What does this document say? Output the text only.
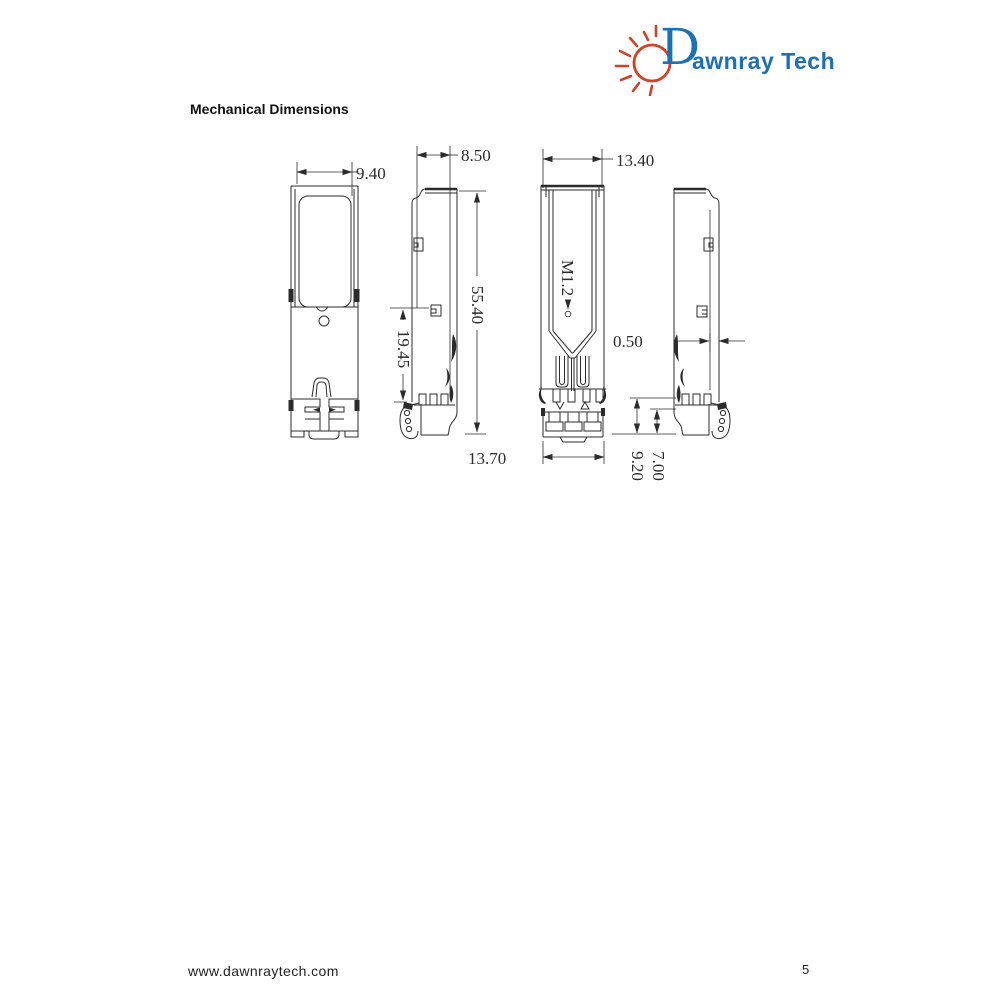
Mechanical Dimensions
D
awnray Tech
9.40
8.50	13.40
55.40
19.45
M1.2
0.50
13.70	9.20 7.00
www.dawnraytech.com	5
